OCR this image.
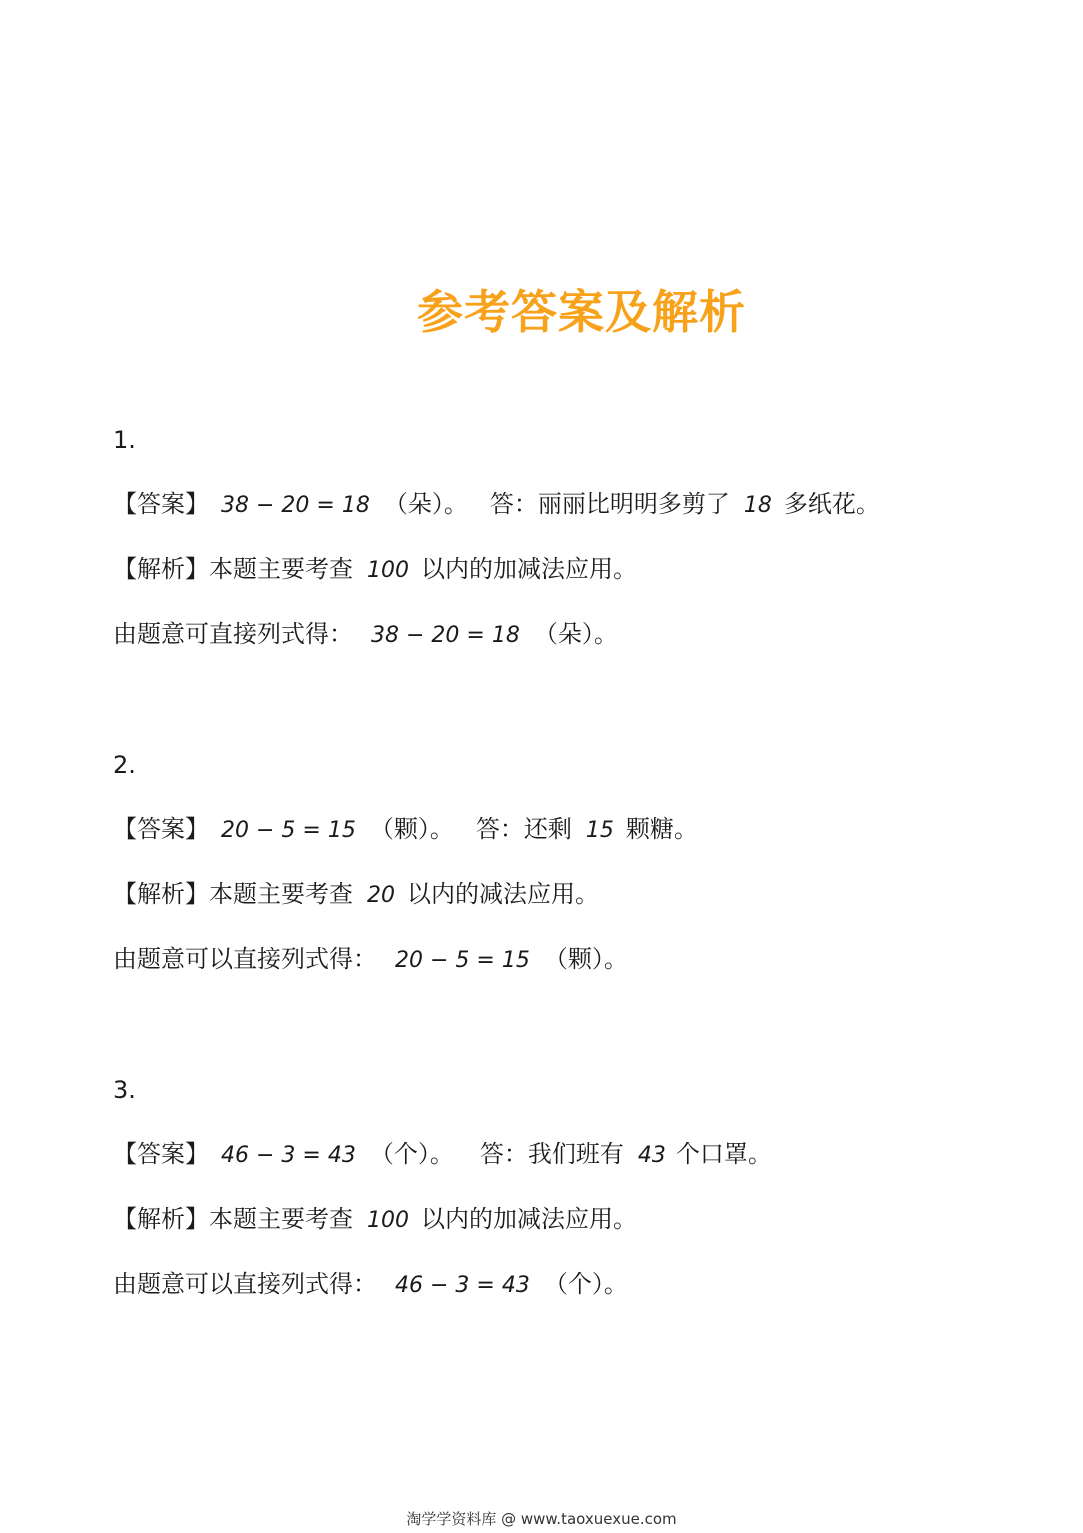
参考答案及解析
1.
【答案】 38 − 20 = 18 （朵）。 答：丽丽比明明多剪了 18 多纸花。
【解析】本题主要考查 100 以内的加减法应用。
由题意可直接列式得： 38 − 20 = 18 （朵）。
2.
【答案】 20 − 5 = 15 （颗）。 答：还剩 15 颗糖。
【解析】本题主要考查 20 以内的减法应用。
由题意可以直接列式得： 20 − 5 = 15 （颗）。
3.
【答案】 46 − 3 = 43 （个）。 答：我们班有 43 个口罩。
【解析】本题主要考查 100 以内的加减法应用。
由题意可以直接列式得： 46 − 3 = 43 （个）。
淘学学资料库 @ www.taoxuexue.com
